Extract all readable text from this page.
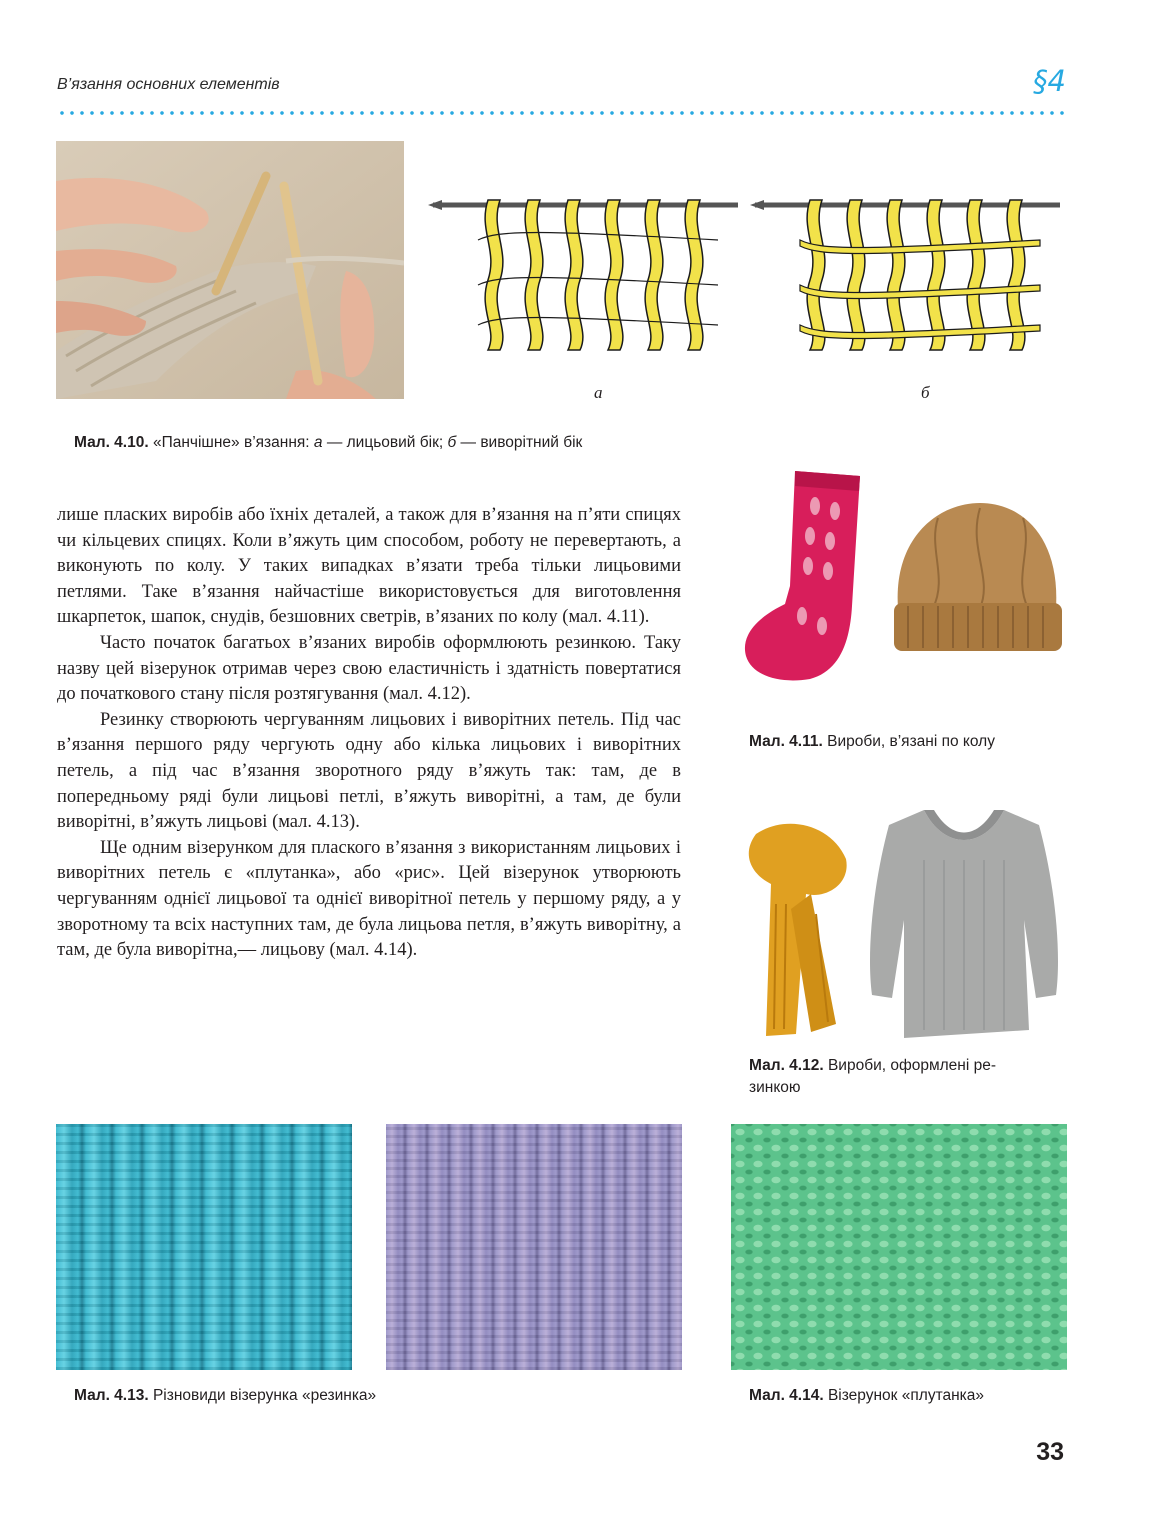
В’язання основних елементів	§4
а	б
Мал. 4.10. «Панчішне» в’язання: а — лицьовий бік; б — виворітний бік
Мал. 4.11. Вироби, в’язані по колу
Мал. 4.12. Вироби, оформлені ре-
зинкою

лише пласких виробів або їхніх деталей, а також для в’язання на п’яти спицях чи кільцевих спицях. Коли в’яжуть цим способом, роботу не перевертають, а виконують по колу. У таких випадках в’язати треба тільки лицьовими петлями. Таке в’язання найчастіше використовується для виготовлення шкарпеток, шапок, снудів, безшовних светрів, в’язаних по колу (мал. 4.11).

Часто початок багатьох в’язаних виробів оформлюють резинкою. Таку назву цей візерунок отримав через свою еластичність і здатність повертатися до початкового стану після розтягування (мал. 4.12).

Резинку створюють чергуванням лицьових і виворітних петель. Під час в’язання першого ряду чергують одну або кілька лицьових і виворітних петель, а під час в’язання зворотного ряду в’яжуть так: там, де в попередньому ряді були лицьові петлі, в’яжуть виворітні, а там, де були виворітні, в’яжуть лицьові (мал. 4.13).

Ще одним візерунком для плаского в’язання з використанням лицьових і виворітних петель є «плутанка», або «рис». Цей візерунок утворюють чергуванням однієї лицьової та однієї виворітної петель у першому ряду, а у зворотному та всіх наступних там, де була лицьова петля, в’яжуть виворітну, а там, де була виворітна,— лицьову (мал. 4.14).

Мал. 4.13. Різновиди візерунка «резинка»	Мал. 4.14. Візерунок «плутанка»
33
